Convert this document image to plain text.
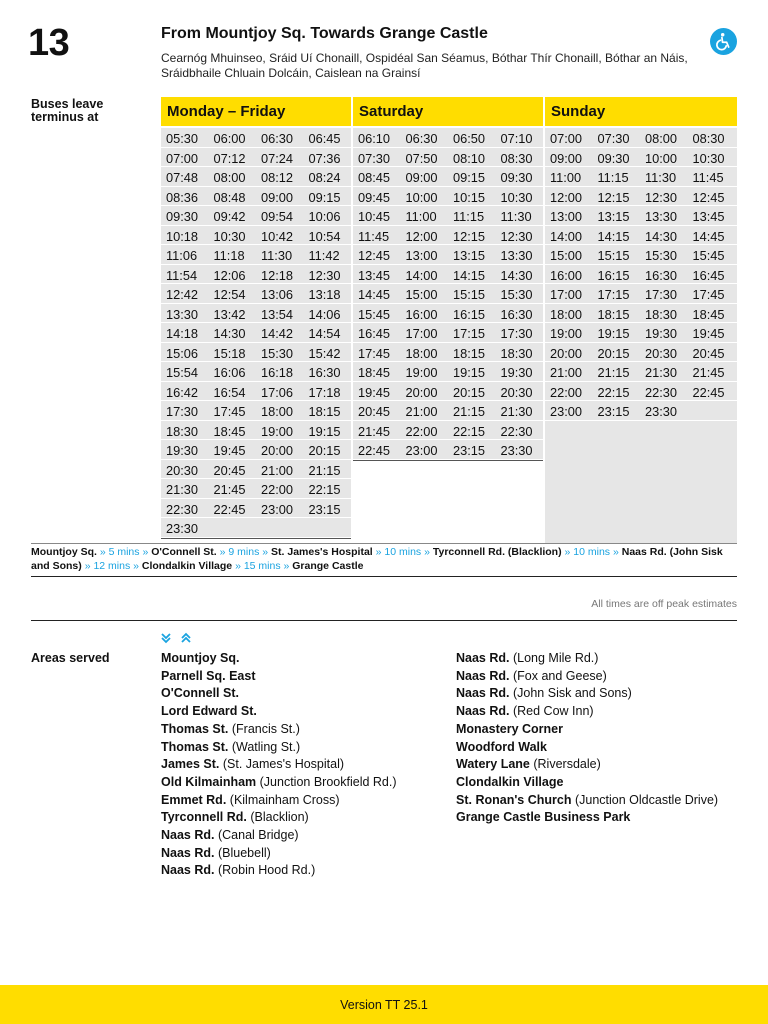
13	From Mountjoy Sq. Towards Grange Castle
Cearnóg Mhuinseo, Sráid Uí Chonaill, Ospidéal San Séamus, Bóthar Thír Chonaill, Bóthar an Náis,
Sráidbhaile Chluain Dolcáin, Caislean na Grainsí
Buses leave terminus at	Monday – Friday
05:30	06:00	06:30	06:45
07:00	07:12	07:24	07:36
07:48	08:00	08:12	08:24
08:36	08:48	09:00	09:15
09:30	09:42	09:54	10:06
10:18	10:30	10:42	10:54
11:06	11:18	11:30	11:42
11:54	12:06	12:18	12:30
12:42	12:54	13:06	13:18
13:30	13:42	13:54	14:06
14:18	14:30	14:42	14:54
15:06	15:18	15:30	15:42
15:54	16:06	16:18	16:30
16:42	16:54	17:06	17:18
17:30	17:45	18:00	18:15
18:30	18:45	19:00	19:15
19:30	19:45	20:00	20:15
20:30	20:45	21:00	21:15
21:30	21:45	22:00	22:15
22:30	22:45	23:00	23:15
23:30
Saturday
06:10	06:30	06:50	07:10
07:30	07:50	08:10	08:30
08:45	09:00	09:15	09:30
09:45	10:00	10:15	10:30
10:45	11:00	11:15	11:30
11:45	12:00	12:15	12:30
12:45	13:00	13:15	13:30
13:45	14:00	14:15	14:30
14:45	15:00	15:15	15:30
15:45	16:00	16:15	16:30
16:45	17:00	17:15	17:30
17:45	18:00	18:15	18:30
18:45	19:00	19:15	19:30
19:45	20:00	20:15	20:30
20:45	21:00	21:15	21:30
21:45	22:00	22:15	22:30
22:45	23:00	23:15	23:30
Sunday
07:00	07:30	08:00	08:30
09:00	09:30	10:00	10:30
11:00	11:15	11:30	11:45
12:00	12:15	12:30	12:45
13:00	13:15	13:30	13:45
14:00	14:15	14:30	14:45
15:00	15:15	15:30	15:45
16:00	16:15	16:30	16:45
17:00	17:15	17:30	17:45
18:00	18:15	18:30	18:45
19:00	19:15	19:30	19:45
20:00	20:15	20:30	20:45
21:00	21:15	21:30	21:45
22:00	22:15	22:30	22:45
23:00	23:15	23:30
Mountjoy Sq. » 5 mins » O'Connell St. » 9 mins » St. James's Hospital » 10 mins » Tyrconnell Rd. (Blacklion) » 10 mins » Naas Rd. (John Sisk and Sons) » 12 mins » Clondalkin Village » 15 mins » Grange Castle
All times are off peak estimates
Areas served	Mountjoy Sq.
Parnell Sq. East
O'Connell St.
Lord Edward St.
Thomas St. (Francis St.)
Thomas St. (Watling St.)
James St. (St. James's Hospital)
Old Kilmainham (Junction Brookfield Rd.)
Emmet Rd. (Kilmainham Cross)
Tyrconnell Rd. (Blacklion)
Naas Rd. (Canal Bridge)
Naas Rd. (Bluebell)
Naas Rd. (Robin Hood Rd.)
Naas Rd. (Long Mile Rd.)
Naas Rd. (Fox and Geese)
Naas Rd. (John Sisk and Sons)
Naas Rd. (Red Cow Inn)
Monastery Corner
Woodford Walk
Watery Lane (Riversdale)
Clondalkin Village
St. Ronan's Church (Junction Oldcastle Drive)
Grange Castle Business Park
Version TT 25.1
